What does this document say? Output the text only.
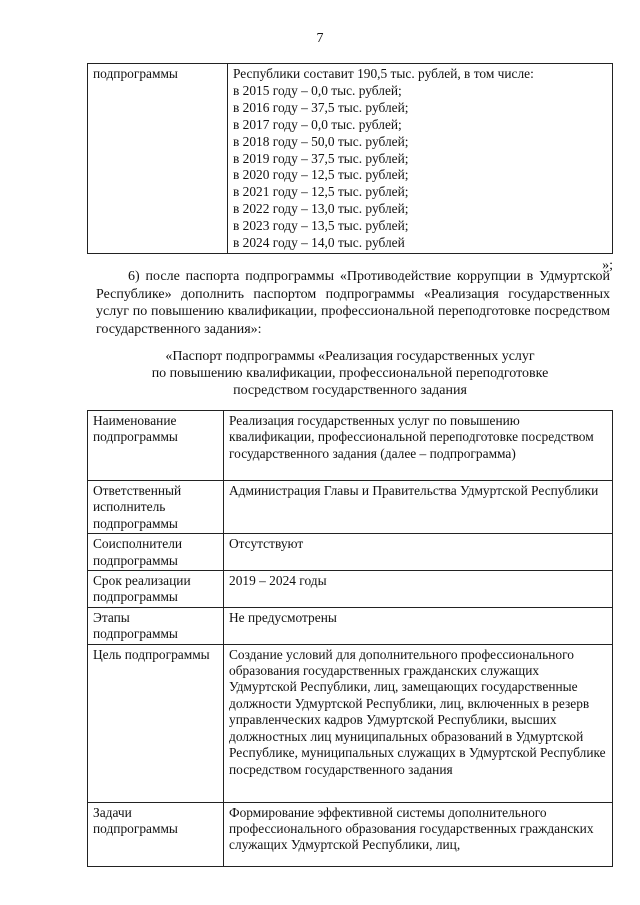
7
подпрограммы	Республики составит 190,5 тыс. рублей, в том числе:
в 2015 году – 0,0 тыс. рублей;
в 2016 году – 37,5 тыс. рублей;
в 2017 году – 0,0 тыс. рублей;
в 2018 году – 50,0 тыс. рублей;
в 2019 году – 37,5 тыс. рублей;
в 2020 году – 12,5 тыс. рублей;
в 2021 году – 12,5 тыс. рублей;
в 2022 году – 13,0 тыс. рублей;
в 2023 году – 13,5 тыс. рублей;
в 2024 году – 14,0 тыс. рублей
»;
6) после паспорта подпрограммы «Противодействие коррупции в Удмуртской Республике» дополнить паспортом подпрограммы «Реализация государственных услуг по повышению квалификации, профессиональной переподготовке посредством государственного задания»:
«Паспорт подпрограммы «Реализация государственных услуг
по повышению квалификации, профессиональной переподготовке
посредством государственного задания
Наименование подпрограммы	Реализация государственных услуг по повышению квалификации, профессиональной переподготовке посредством государственного задания (далее – подпрограмма)
Ответственный исполнитель подпрограммы	Администрация Главы и Правительства Удмуртской Республики
Соисполнители подпрограммы	Отсутствуют
Срок реализации подпрограммы	2019 – 2024 годы
Этапы подпрограммы	Не предусмотрены
Цель подпрограммы	Создание условий для дополнительного профессионального образования государственных гражданских служащих Удмуртской Республики, лиц, замещающих государственные должности Удмуртской Республики, лиц, включенных в резерв управленческих кадров Удмуртской Республики, высших должностных лиц муниципальных образований в Удмуртской Республике, муниципальных служащих в Удмуртской Республике посредством государственного задания
Задачи подпрограммы	Формирование эффективной системы дополнительного профессионального образования государственных гражданских служащих Удмуртской Республики, лиц,
